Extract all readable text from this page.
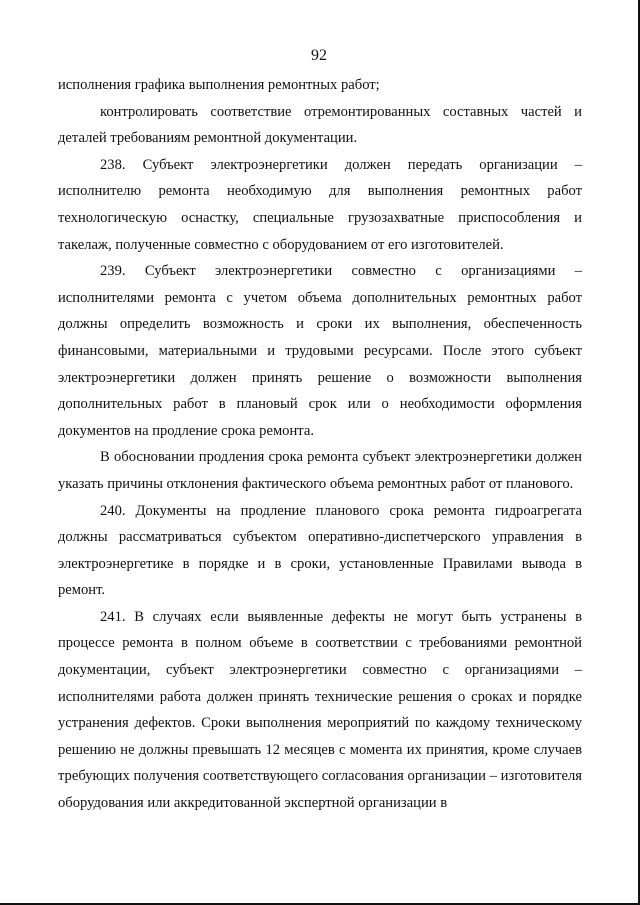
92

исполнения графика выполнения ремонтных работ;

контролировать соответствие отремонтированных составных частей и деталей требованиям ремонтной документации.

238. Субъект электроэнергетики должен передать организации – исполнителю ремонта необходимую для выполнения ремонтных работ технологическую оснастку, специальные грузозахватные приспособления и такелаж, полученные совместно с оборудованием от его изготовителей.

239. Субъект электроэнергетики совместно с организациями – исполнителями ремонта с учетом объема дополнительных ремонтных работ должны определить возможность и сроки их выполнения, обеспеченность финансовыми, материальными и трудовыми ресурсами. После этого субъект электроэнергетики должен принять решение о возможности выполнения дополнительных работ в плановый срок или о необходимости оформления документов на продление срока ремонта.

В обосновании продления срока ремонта субъект электроэнергетики должен указать причины отклонения фактического объема ремонтных работ от планового.

240. Документы на продление планового срока ремонта гидроагрегата должны рассматриваться субъектом оперативно-диспетчерского управления в электроэнергетике в порядке и в сроки, установленные Правилами вывода в ремонт.

241. В случаях если выявленные дефекты не могут быть устранены в процессе ремонта в полном объеме в соответствии с требованиями ремонтной документации, субъект электроэнергетики совместно с организациями – исполнителями работа должен принять технические решения о сроках и порядке устранения дефектов. Сроки выполнения мероприятий по каждому техническому решению не должны превышать 12 месяцев с момента их принятия, кроме случаев требующих получения соответствующего согласования организации – изготовителя оборудования или аккредитованной экспертной организации в
